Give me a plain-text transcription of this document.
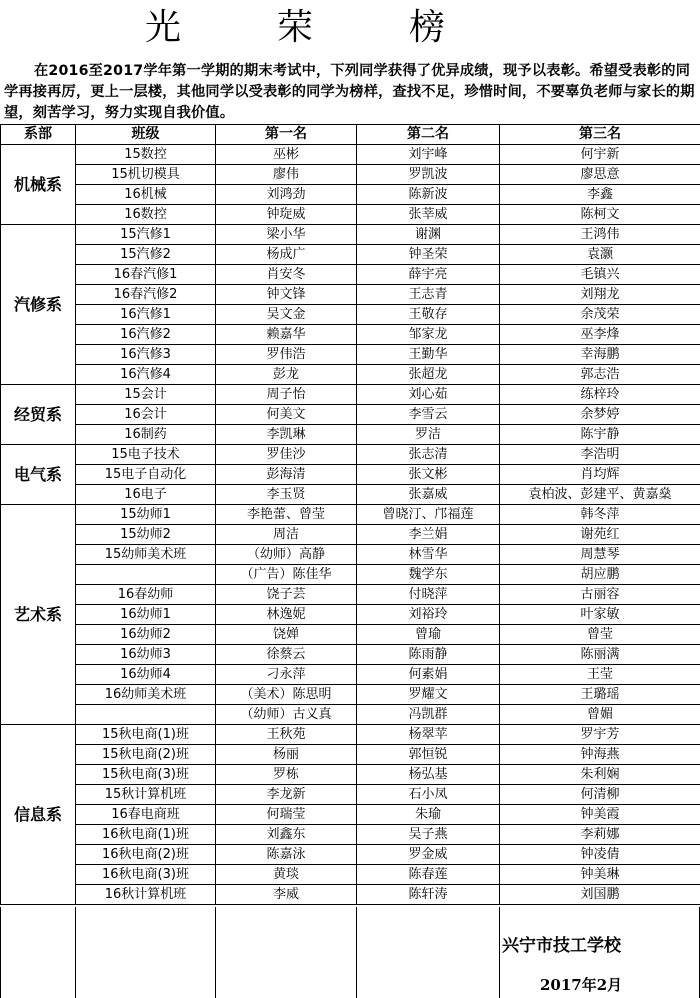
光　荣　榜
在2016至2017学年第一学期的期末考试中，下列同学获得了优异成绩，现予以表彰。希望受表彰的同学再接再厉，更上一层楼，其他同学以受表彰的同学为榜样，查找不足，珍惜时间，不要辜负老师与家长的期望，刻苦学习，努力实现自我价值。
系部	班级	第一名	第二名	第三名
机械系	15数控	巫彬	刘宇峰	何宇新
	15机切模具	廖伟	罗凯波	廖思意
	16机械	刘鸿劲	陈新波	李鑫
	16数控	钟琁威	张莘威	陈柯文
汽修系	15汽修1	梁小华	谢渊	王鸿伟
	15汽修2	杨成广	钟圣荣	袁灏
	16春汽修1	肖安冬	薛宇亮	毛镇兴
	16春汽修2	钟文锋	王志青	刘翔龙
	16汽修1	吴文金	王敬存	余茂荣
	16汽修2	赖嘉华	邹家龙	巫李烽
	16汽修3	罗伟浩	王勤华	幸海鹏
	16汽修4	彭龙	张超龙	郭志浩
经贸系	15会计	周子怡	刘心茹	练梓玲
	16会计	何美文	李雪云	余梦婷
	16制药	李凯琳	罗洁	陈宇静
电气系	15电子技术	罗佳沙	张志清	李浩明
	15电子自动化	彭海清	张文彬	肖均辉
	16电子	李玉贤	张嘉威	袁柏波、彭建平、黄嘉燊
艺术系	15幼师1	李艳蕾、曾莹	曾晓汀、邝福莲	韩冬萍
	15幼师2	周洁	李兰娟	谢苑红
	15幼师美术班	（幼师）高静	林雪华	周慧琴
		（广告）陈佳华	魏学东	胡应鹏
	16春幼师	饶子芸	付晓萍	古丽容
	16幼师1	林逸妮	刘裕玲	叶家敏
	16幼师2	饶婵	曾瑜	曾莹
	16幼师3	徐蔡云	陈雨静	陈丽满
	16幼师4	刁永萍	何素娟	王莹
	16幼师美术班	（美术）陈思明	罗耀文	王璐瑶
		（幼师）古义真	冯凯群	曾媚
信息系	15秋电商(1)班	王秋苑	杨翠苹	罗宇芳
	15秋电商(2)班	杨丽	郭恒锐	钟海燕
	15秋电商(3)班	罗栋	杨弘基	朱利娴
	15秋计算机班	李龙新	石小凤	何清柳
	16春电商班	何瑞莹	朱瑜	钟美霞
	16秋电商(1)班	刘鑫东	吴子燕	李莉娜
	16秋电商(2)班	陈嘉泳	罗金威	钟凌倩
	16秋电商(3)班	黄琰	陈春莲	钟美琳
	16秋计算机班	李威	陈轩涛	刘国鹏
兴宁市技工学校
2017年2月
